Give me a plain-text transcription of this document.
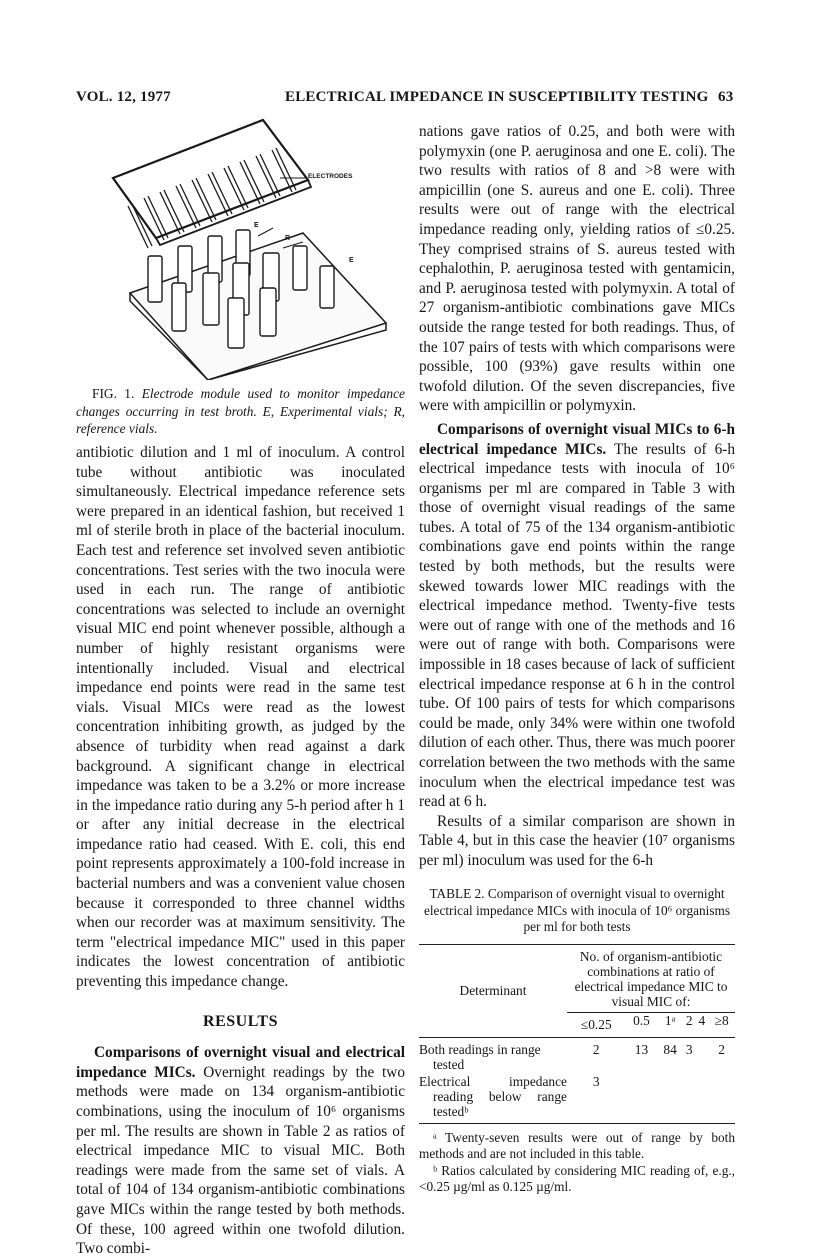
VOL. 12, 1977	ELECTRICAL IMPEDANCE IN SUSCEPTIBILITY TESTING 63
ELECTRODES
E
R
E

FIG. 1. Electrode module used to monitor impedance changes occurring in test broth. E, Experimental vials; R, reference vials.

antibiotic dilution and 1 ml of inoculum. A control tube without antibiotic was inoculated simultaneously. Electrical impedance reference sets were prepared in an identical fashion, but received 1 ml of sterile broth in place of the bacterial inoculum. Each test and reference set involved seven antibiotic concentrations. Test series with the two inocula were used in each run. The range of antibiotic concentrations was selected to include an overnight visual MIC end point whenever possible, although a number of highly resistant organisms were intentionally included. Visual and electrical impedance end points were read in the same test vials. Visual MICs were read as the lowest concentration inhibiting growth, as judged by the absence of turbidity when read against a dark background. A significant change in electrical impedance was taken to be a 3.2% or more increase in the impedance ratio during any 5-h period after h 1 or after any initial decrease in the electrical impedance ratio had ceased. With E. coli, this end point represents approximately a 100-fold increase in bacterial numbers and was a convenient value chosen because it corresponded to three channel widths when our recorder was at maximum sensitivity. The term "electrical impedance MIC" used in this paper indicates the lowest concentration of antibiotic preventing this impedance change.

RESULTS

Comparisons of overnight visual and electrical impedance MICs. Overnight readings by the two methods were made on 134 organism-antibiotic combinations, using the inoculum of 10⁶ organisms per ml. The results are shown in Table 2 as ratios of electrical impedance MIC to visual MIC. Both readings were made from the same set of vials. A total of 104 of 134 organism-antibiotic combinations gave MICs within the range tested by both methods. Of these, 100 agreed within one twofold dilution. Two combi-

nations gave ratios of 0.25, and both were with polymyxin (one P. aeruginosa and one E. coli). The two results with ratios of 8 and >8 were with ampicillin (one S. aureus and one E. coli). Three results were out of range with the electrical impedance reading only, yielding ratios of ≤0.25. They comprised strains of S. aureus tested with cephalothin, P. aeruginosa tested with gentamicin, and P. aeruginosa tested with polymyxin. A total of 27 organism-antibiotic combinations gave MICs outside the range tested for both readings. Thus, of the 107 pairs of tests with which comparisons were possible, 100 (93%) gave results within one twofold dilution. Of the seven discrepancies, five were with ampicillin or polymyxin.

Comparisons of overnight visual MICs to 6-h electrical impedance MICs. The results of 6-h electrical impedance tests with inocula of 10⁶ organisms per ml are compared in Table 3 with those of overnight visual readings of the same tubes. A total of 75 of the 134 organism-antibiotic combinations gave end points within the range tested by both methods, but the results were skewed towards lower MIC readings with the electrical impedance method. Twenty-five tests were out of range with one of the methods and 16 were out of range with both. Comparisons were impossible in 18 cases because of lack of sufficient electrical impedance response at 6 h in the control tube. Of 100 pairs of tests for which comparisons could be made, only 34% were within one twofold dilution of each other. Thus, there was much poorer correlation between the two methods with the same inoculum when the electrical impedance test was read at 6 h.

Results of a similar comparison are shown in Table 4, but in this case the heavier (10⁷ organisms per ml) inoculum was used for the 6-h

TABLE 2. Comparison of overnight visual to overnight electrical impedance MICs with inocula of 10⁶ organisms per ml for both tests

Determinant	No. of organism-antibiotic combinations at ratio of electrical impedance MIC to visual MIC of:					
	≤0.25	0.5	1ᵃ	2	4	≥8
Both readings in range tested	2	13	84	3		2
Electrical impedance reading below range testedᵇ	3					

ᵃ Twenty-seven results were out of range by both methods and are not included in this table.

ᵇ Ratios calculated by considering MIC reading of, e.g., <0.25 µg/ml as 0.125 µg/ml.
